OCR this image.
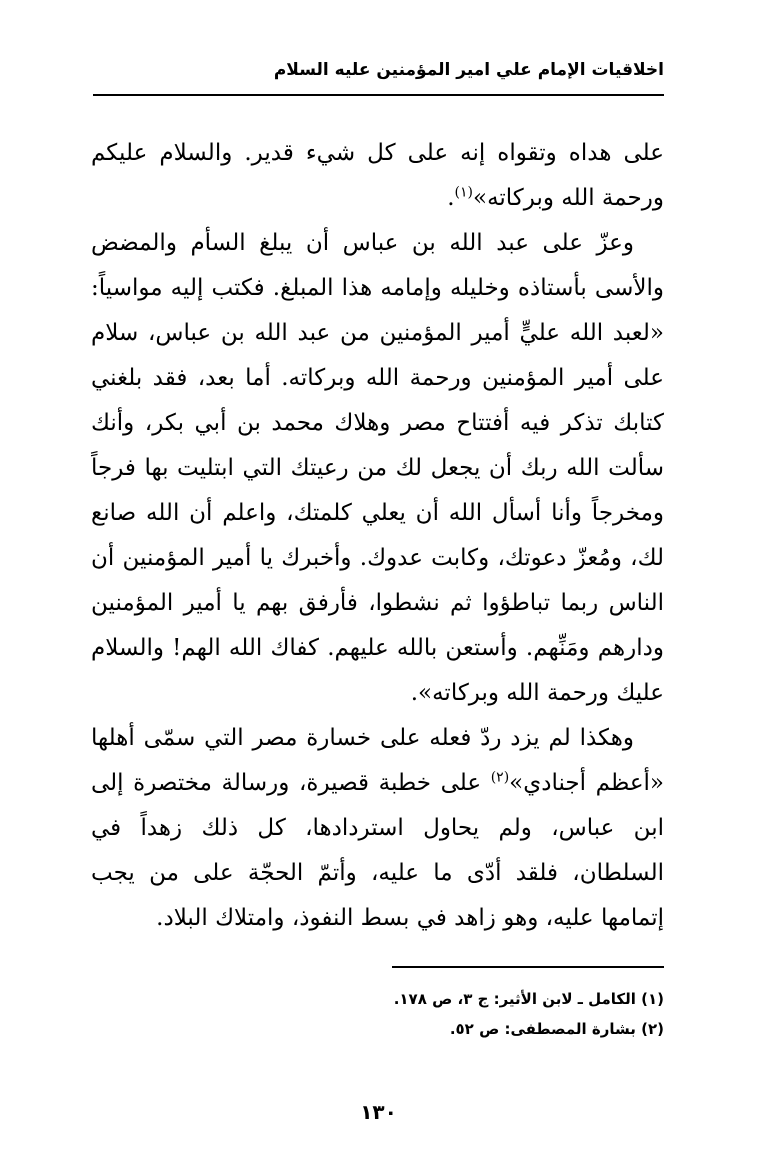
اخلاقيات الإمام علي امير المؤمنين عليه السلام

على هداه وتقواه إنه على كل شيء قدير. والسلام عليكم ورحمة الله وبركاته»$^{(١)}$.

وعزّ على عبد الله بن عباس أن يبلغ السأم والمضض والأسى بأستاذه وخليله وإمامه هذا المبلغ. فكتب إليه مواسياً: «لعبد الله عليٍّ أمير المؤمنين من عبد الله بن عباس، سلام على أمير المؤمنين ورحمة الله وبركاته. أما بعد، فقد بلغني كتابك تذكر فيه أفتتاح مصر وهلاك محمد بن أبي بكر، وأنك سألت الله ربك أن يجعل لك من رعيتك التي ابتليت بها فرجاً ومخرجاً وأنا أسأل الله أن يعلي كلمتك، واعلم أن الله صانع لك، ومُعزّ دعوتك، وكابت عدوك. وأخبرك يا أمير المؤمنين أن الناس ربما تباطؤوا ثم نشطوا، فأرفق بهم يا أمير المؤمنين ودارهم ومَنِّهم. وأستعن بالله عليهم. كفاك الله الهم! والسلام عليك ورحمة الله وبركاته».

وهكذا لم يزد ردّ فعله على خسارة مصر التي سمّى أهلها «أعظم أجنادي»$^{(٢)}$ على خطبة قصيرة، ورسالة مختصرة إلى ابن عباس، ولم يحاول استردادها، كل ذلك زهداً في السلطان، فلقد أدّى ما عليه، وأتمّ الحجّة على من يجب إتمامها عليه، وهو زاهد في بسط النفوذ، وامتلاك البلاد.

(١) الكامل ـ لابن الأثير: ج ٣، ص ١٧٨.

(٢) بشارة المصطفى: ص ٥٢.

١٣٠
